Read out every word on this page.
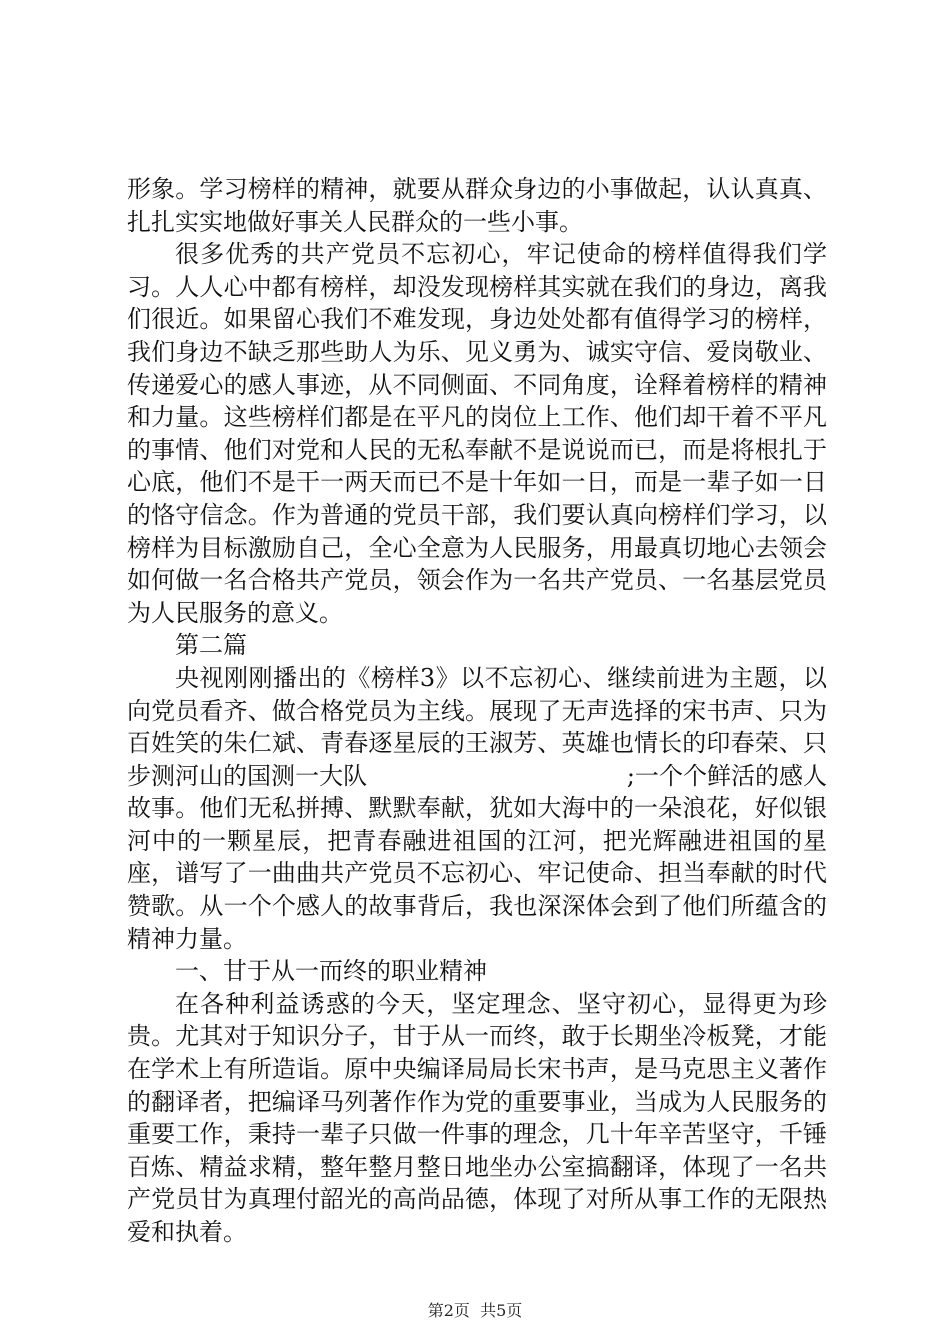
形象。学习榜样的精神，就要从群众身边的小事做起，认认真真、扎扎实实地做好事关人民群众的一些小事。

很多优秀的共产党员不忘初心，牢记使命的榜样值得我们学习。人人心中都有榜样，却没发现榜样其实就在我们的身边，离我们很近。如果留心我们不难发现，身边处处都有值得学习的榜样，我们身边不缺乏那些助人为乐、见义勇为、诚实守信、爱岗敬业、传递爱心的感人事迹，从不同侧面、不同角度，诠释着榜样的精神和力量。这些榜样们都是在平凡的岗位上工作、他们却干着不平凡的事情、他们对党和人民的无私奉献不是说说而已，而是将根扎于心底，他们不是干一两天而已不是十年如一日，而是一辈子如一日的恪守信念。作为普通的党员干部，我们要认真向榜样们学习，以榜样为目标激励自己，全心全意为人民服务，用最真切地心去领会如何做一名合格共产党员，领会作为一名共产党员、一名基层党员为人民服务的意义。

第二篇

央视刚刚播出的《榜样3》以不忘初心、继续前进为主题，以向党员看齐、做合格党员为主线。展现了无声选择的宋书声、只为百姓笑的朱仁斌、青春逐星辰的王淑芳、英雄也情长的印春荣、只步测河山的国测一大队                                  ;一个个鲜活的感人故事。他们无私拼搏、默默奉献，犹如大海中的一朵浪花，好似银河中的一颗星辰，把青春融进祖国的江河，把光辉融进祖国的星座，谱写了一曲曲共产党员不忘初心、牢记使命、担当奉献的时代赞歌。从一个个感人的故事背后，我也深深体会到了他们所蕴含的精神力量。

一、甘于从一而终的职业精神

在各种利益诱惑的今天，坚定理念、坚守初心，显得更为珍贵。尤其对于知识分子，甘于从一而终，敢于长期坐冷板凳，才能在学术上有所造诣。原中央编译局局长宋书声，是马克思主义著作的翻译者，把编译马列著作作为党的重要事业，当成为人民服务的重要工作，秉持一辈子只做一件事的理念，几十年辛苦坚守，千锤百炼、精益求精，整年整月整日地坐办公室搞翻译，体现了一名共产党员甘为真理付韶光的高尚品德，体现了对所从事工作的无限热爱和执着。

第2页  共5页
